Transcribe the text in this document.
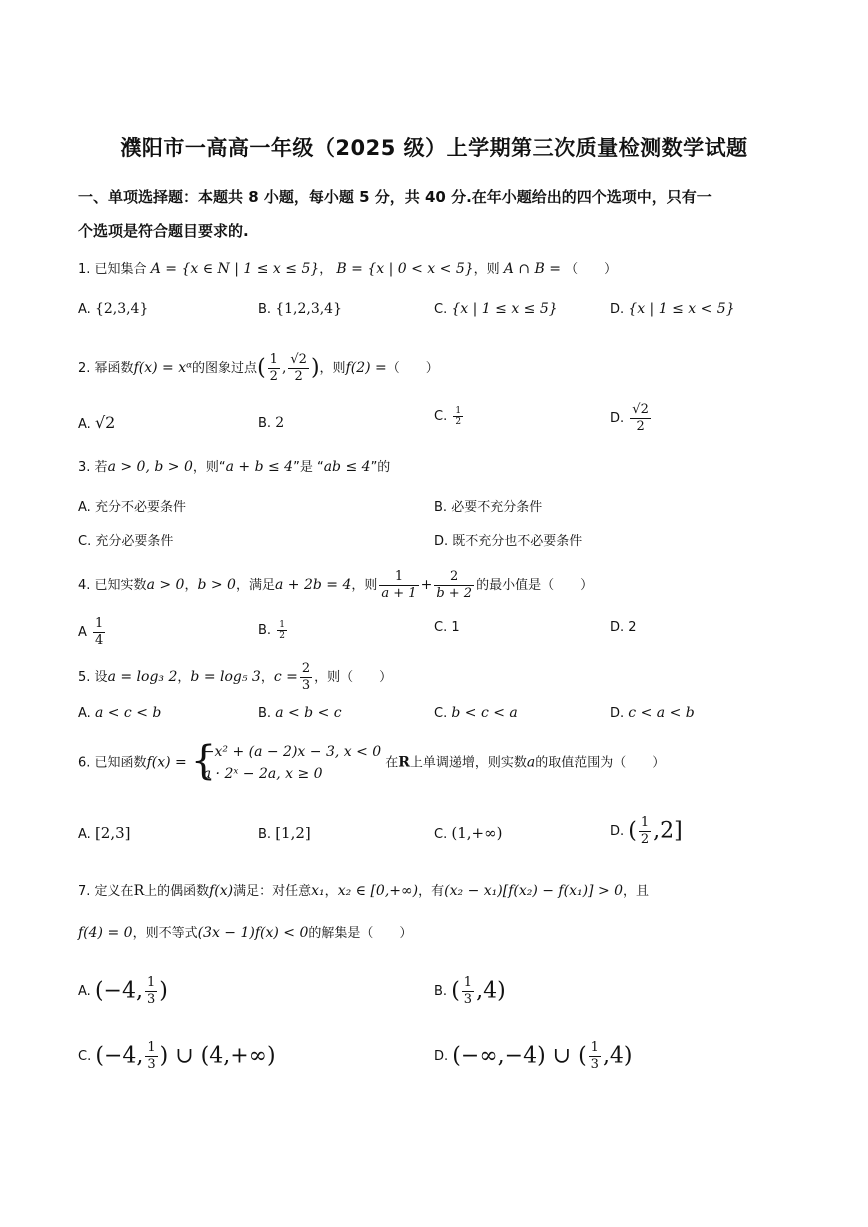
濮阳市一高高一年级（2025 级）上学期第三次质量检测数学试题
一、单项选择题：本题共 8 小题，每小题 5 分，共 40 分.在年小题给出的四个选项中，只有一
个选项是符合题目要求的.
1. 已知集合 A = {x ∈ N | 1 ≤ x ≤ 5}， B = {x | 0 < x < 5}，则 A ∩ B = （　　）
A. {2,3,4}	B. {1,2,3,4}	C. {x | 1 ≤ x ≤ 5}	D. {x | 1 ≤ x < 5}
2. 幂函数f(x) = xᵅ的图象过点( $\frac{1}{2}$ , $\frac{√2}{2}$ )，则f(2) =（　　）
A. √2	B. 2	C. $\frac{1}{2}$	D. $\frac{√2}{2}$
3. 若a > 0, b > 0，则“a + b ≤ 4”是 “ab ≤ 4”的
A. 充分不必要条件	B. 必要不充分条件
C. 充分必要条件	D. 既不充分也不必要条件
4. 已知实数a > 0，b > 0，满足a + 2b = 4，则 $\frac{1}{a + 1} + \frac{2}{b + 2}$ 的最小值是（　　）
A $\frac{1}{4}$	B. $\frac{1}{2}$	C. 1	D. 2
5. 设a = log₃ 2，b = log₅ 3，$c = \frac{2}{3}$ ，则（　　）
A. a < c < b	B. a < b < c	C. b < c < a	D. c < a < b
6. 已知函数f(x) = {
−x² + (a − 2)x − 3, x < 0
a · 2ˣ − 2a, x ≥ 0
在R上单调递增，则实数a的取值范围为（　　）
A. [2,3]	B. [1,2]	C. (1,+∞)	D. ( $\frac{1}{2} ,2$]
7. 定义在R上的偶函数f(x)满足：对任意x₁，x₂ ∈ [0,+∞)，有(x₂ − x₁)[f(x₂) − f(x₁)] > 0，且
f(4) = 0，则不等式(3x − 1)f(x) < 0的解集是（　　）
A. (−4, $\frac{1}{3}$ )	B. ( $\frac{1}{3} ,4$)
C. (−4, $\frac{1}{3}$ ) ∪ (4,+∞)	D. (−∞,−4) ∪ ( $\frac{1}{3} ,4$)
